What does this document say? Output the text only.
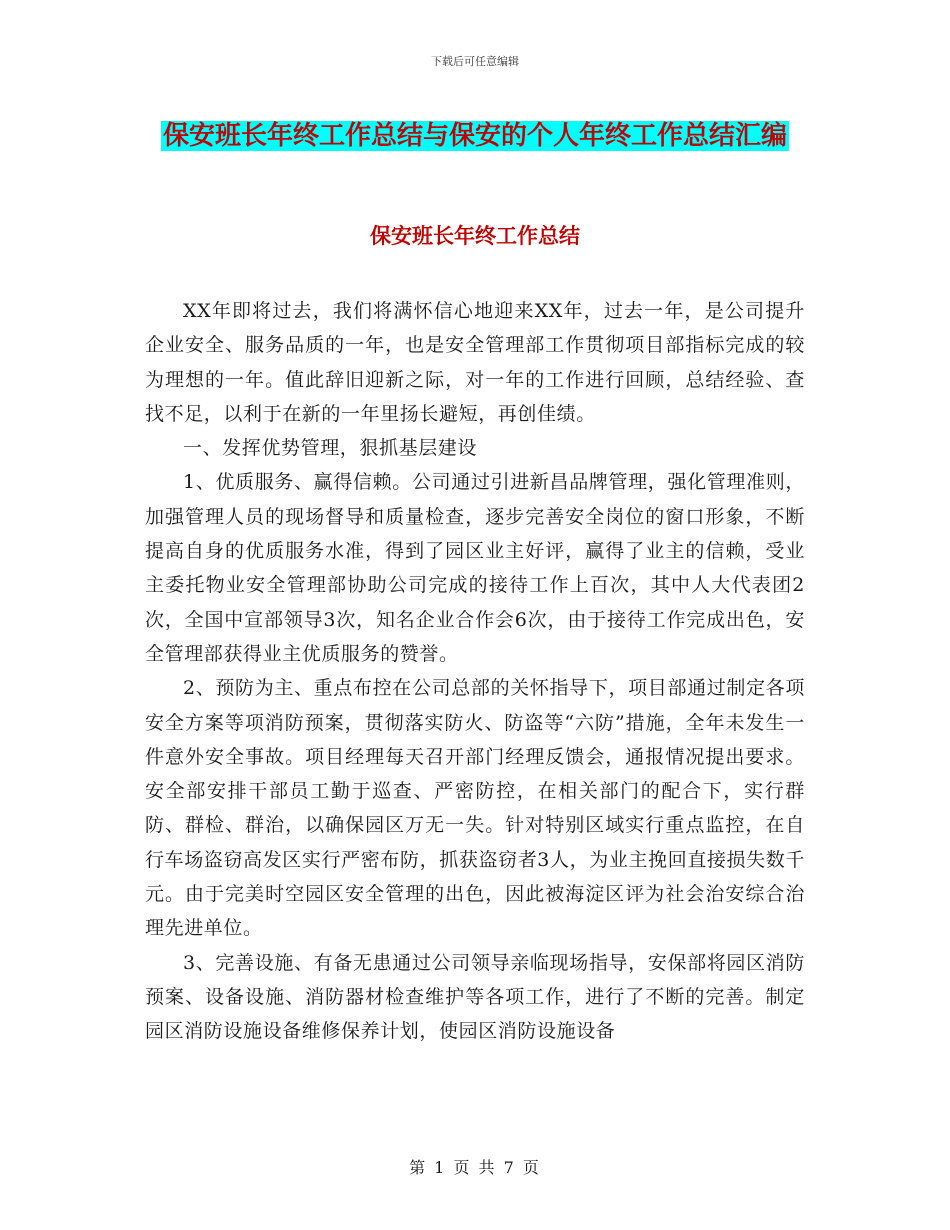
下载后可任意编辑
保安班长年终工作总结与保安的个人年终工作总结汇编
保安班长年终工作总结

XX年即将过去，我们将满怀信心地迎来XX年，过去一年，是公司提升企业安全、服务品质的一年，也是安全管理部工作贯彻项目部指标完成的较为理想的一年。值此辞旧迎新之际，对一年的工作进行回顾，总结经验、查找不足，以利于在新的一年里扬长避短，再创佳绩。

一、发挥优势管理，狠抓基层建设

1、优质服务、赢得信赖。公司通过引进新昌品牌管理，强化管理准则，加强管理人员的现场督导和质量检查，逐步完善安全岗位的窗口形象，不断提高自身的优质服务水准，得到了园区业主好评，赢得了业主的信赖，受业主委托物业安全管理部协助公司完成的接待工作上百次，其中人大代表团2次，全国中宣部领导3次，知名企业合作会6次，由于接待工作完成出色，安全管理部获得业主优质服务的赞誉。

2、预防为主、重点布控在公司总部的关怀指导下，项目部通过制定各项安全方案等项消防预案，贯彻落实防火、防盗等“六防”措施，全年未发生一件意外安全事故。项目经理每天召开部门经理反馈会，通报情况提出要求。安全部安排干部员工勤于巡查、严密防控，在相关部门的配合下，实行群防、群检、群治，以确保园区万无一失。针对特别区域实行重点监控，在自行车场盗窃高发区实行严密布防，抓获盗窃者3人，为业主挽回直接损失数千元。由于完美时空园区安全管理的出色，因此被海淀区评为社会治安综合治理先进单位。

3、完善设施、有备无患通过公司领导亲临现场指导，安保部将园区消防预案、设备设施、消防器材检查维护等各项工作，进行了不断的完善。制定园区消防设施设备维修保养计划，使园区消防设施设备

第 1 页 共 7 页
